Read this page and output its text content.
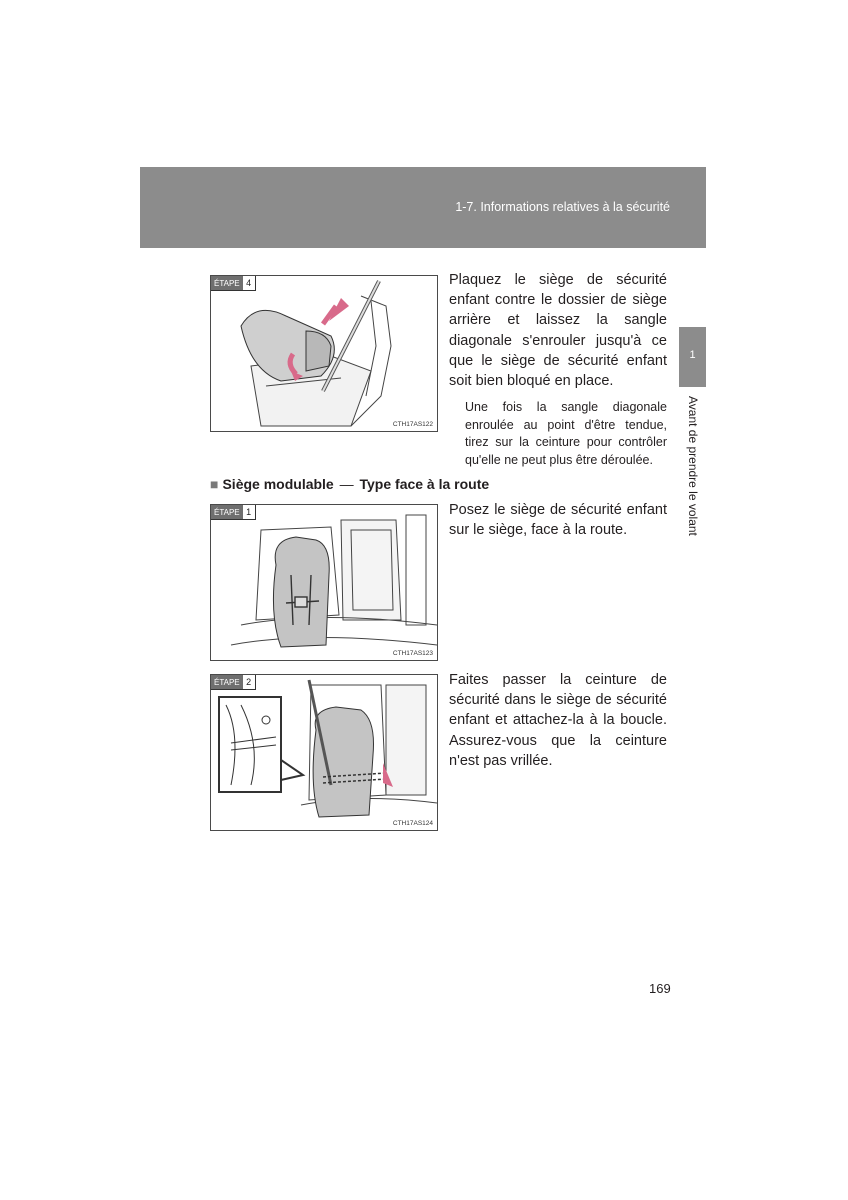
1-7. Informations relatives à la sécurité
1
Avant de prendre le volant
ÉTAPE 4
CTH17AS122
Plaquez le siège de sécurité enfant contre le dossier de siège arrière et laissez la sangle diagonale s'enrouler jusqu'à ce que le siège de sécurité enfant soit bien bloqué en place.
Une fois la sangle diagonale enroulée au point d'être tendue, tirez sur la ceinture pour contrôler qu'elle ne peut plus être déroulée.
■ Siège modulable — Type face à la route
ÉTAPE 1
CTH17AS123
Posez le siège de sécurité enfant sur le siège, face à la route.
ÉTAPE 2
CTH17AS124
Faites passer la ceinture de sécurité dans le siège de sécurité enfant et attachez-la à la boucle. Assurez-vous que la ceinture n'est pas vrillée.
169
